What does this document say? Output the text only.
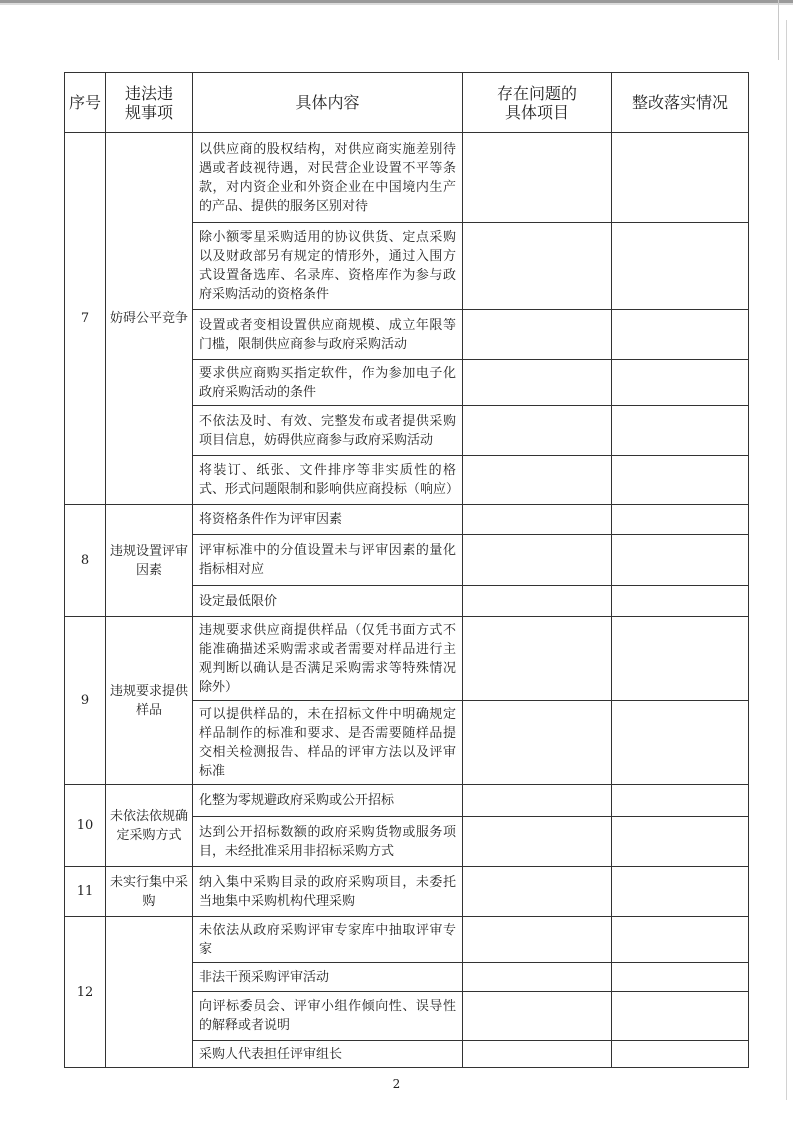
序号	违法违规事项	具体内容	存在问题的具体项目	整改落实情况
7	妨碍公平竞争	以供应商的股权结构，对供应商实施差别待遇或者歧视待遇，对民营企业设置不平等条款，对内资企业和外资企业在中国境内生产的产品、提供的服务区别对待		
		除小额零星采购适用的协议供货、定点采购以及财政部另有规定的情形外，通过入围方式设置备选库、名录库、资格库作为参与政府采购活动的资格条件		
		设置或者变相设置供应商规模、成立年限等门槛，限制供应商参与政府采购活动		
		要求供应商购买指定软件，作为参加电子化政府采购活动的条件		
		不依法及时、有效、完整发布或者提供采购项目信息，妨碍供应商参与政府采购活动		
		将装订、纸张、文件排序等非实质性的格式、形式问题限制和影响供应商投标（响应）		
8	违规设置评审因素	将资格条件作为评审因素		
		评审标准中的分值设置未与评审因素的量化指标相对应		
		设定最低限价		
9	违规要求提供样品	违规要求供应商提供样品（仅凭书面方式不能准确描述采购需求或者需要对样品进行主观判断以确认是否满足采购需求等特殊情况除外）		
		可以提供样品的，未在招标文件中明确规定样品制作的标准和要求、是否需要随样品提交相关检测报告、样品的评审方法以及评审标准		
10	未依法依规确定采购方式	化整为零规避政府采购或公开招标		
		达到公开招标数额的政府采购货物或服务项目，未经批准采用非招标采购方式		
11	未实行集中采购	纳入集中采购目录的政府采购项目，未委托当地集中采购机构代理采购		
12		未依法从政府采购评审专家库中抽取评审专家		
		非法干预采购评审活动		
		向评标委员会、评审小组作倾向性、误导性的解释或者说明		
		采购人代表担任评审组长		
2
